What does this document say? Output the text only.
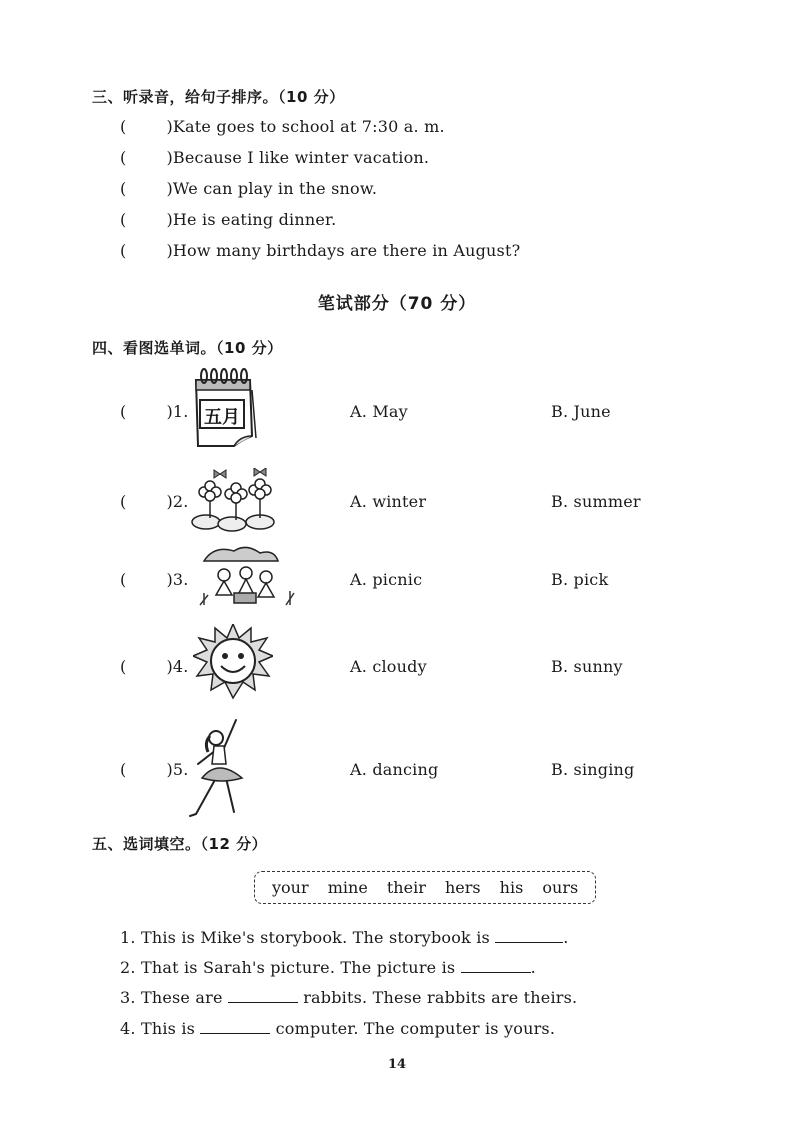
三、听录音，给句子排序。（10 分）
(	)Kate goes to school at 7:30 a. m.
(	)Because I like winter vacation.
(	)We can play in the snow.
(	)He is eating dinner.
(	)How many birthdays are there in August?
笔试部分（70 分）
四、看图选单词。（10 分）
(	)1. 五月	A. May	B. June
(	)2.	A. winter	B. summer
(	)3.	A. picnic	B. pick
(	)4.	A. cloudy	B. sunny
(	)5.	A. dancing	B. singing
五、选词填空。（12 分）
your mine their hers his ours
1. This is Mike's storybook. The storybook is	.
2. That is Sarah's picture. The picture is	.
3. These are	rabbits. These rabbits are theirs.
4. This is	computer. The computer is yours.
14
